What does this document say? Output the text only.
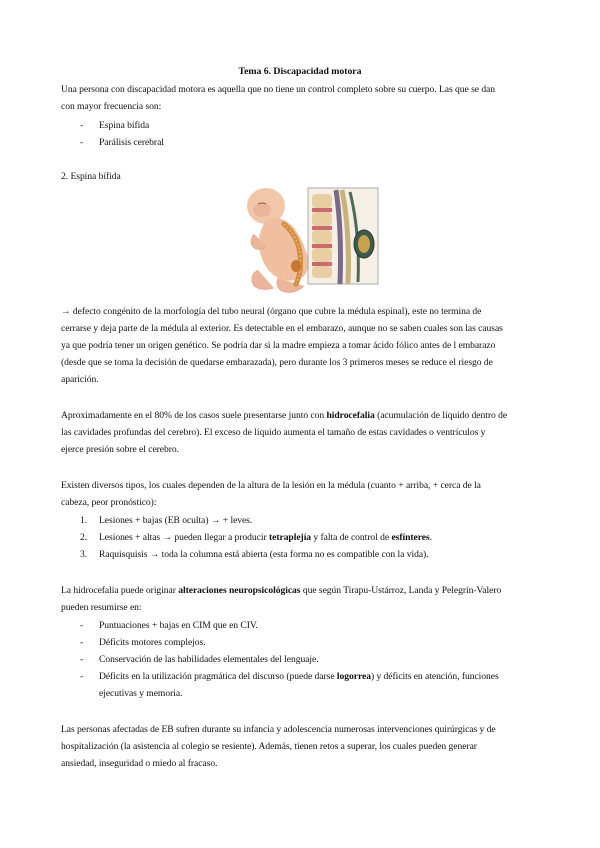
Tema 6. Discapacidad motora
Una persona con discapacidad motora es aquella que no tiene un control completo sobre su cuerpo. Las que se dan
con mayor frecuencia son:
- Espina bífida
- Parálisis cerebral
2. Espina bífida
→ defecto congénito de la morfología del tubo neural (órgano que cubre la médula espinal), este no termina de
cerrarse y deja parte de la médula al exterior. Es detectable en el embarazo, aunque no se saben cuales son las causas
ya que podría tener un origen genético. Se podría dar si la madre empieza a tomar ácido fólico antes de l embarazo
(desde que se toma la decisión de quedarse embarazada), pero durante los 3 primeros meses se reduce el riesgo de
aparición.
Aproximadamente en el 80% de los casos suele presentarse junto con hidrocefalia (acumulación de líquido dentro de
las cavidades profundas del cerebro). El exceso de líquido aumenta el tamaño de estas cavidades o ventrículos y
ejerce presión sobre el cerebro.
Existen diversos tipos, los cuales dependen de la altura de la lesión en la médula (cuanto + arriba, + cerca de la
cabeza, peor pronóstico):
1. Lesiones + bajas (EB oculta) → + leves.
2. Lesiones + altas → pueden llegar a producir tetraplejía y falta de control de esfínteres.
3. Raquisquisis → toda la columna está abierta (esta forma no es compatible con la vida).
La hidrocefalia puede originar alteraciones neuropsicológicas que según Tirapu-Ustárroz, Landa y Pelegrín-Valero
pueden resumirse en:
- Puntuaciones + bajas en CIM que en CIV.
- Déficits motores complejos.
- Conservación de las habilidades elementales del lenguaje.
- Déficits en la utilización pragmática del discurso (puede darse logorrea) y déficits en atención, funciones
ejecutivas y memoria.
Las personas afectadas de EB sufren durante su infancia y adolescencia numerosas intervenciones quirúrgicas y de
hospitalización (la asistencia al colegio se resiente). Además, tienen retos a superar, los cuales pueden generar
ansiedad, inseguridad o miedo al fracaso.
